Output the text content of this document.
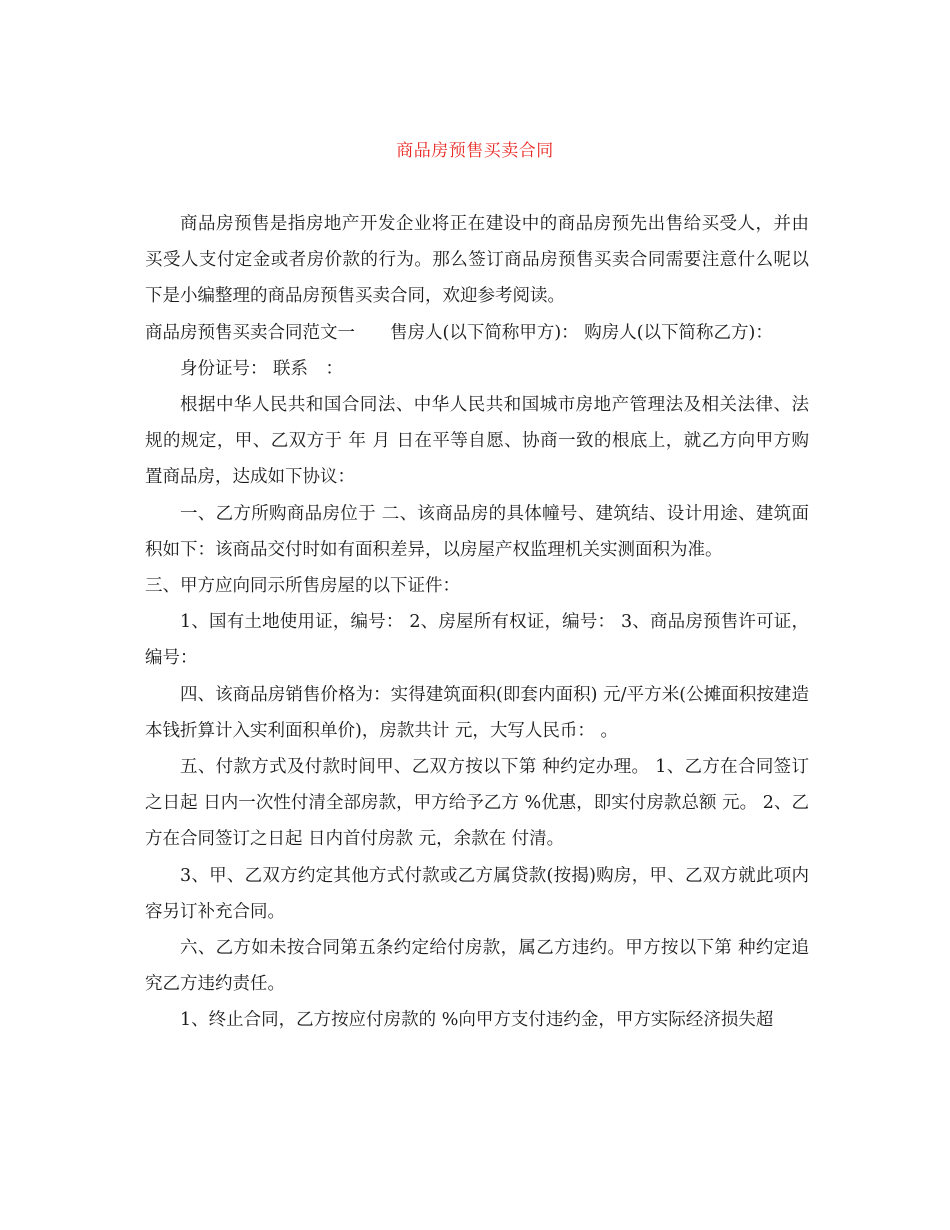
商品房预售买卖合同

商品房预售是指房地产开发企业将正在建设中的商品房预先出售给买受人，并由买受人支付定金或者房价款的行为。那么签订商品房预售买卖合同需要注意什么呢以下是小编整理的商品房预售买卖合同，欢迎参考阅读。

商品房预售买卖合同范文一　　售房人(以下简称甲方)： 购房人(以下简称乙方)：

身份证号： 联系　：

根据中华人民共和国合同法、中华人民共和国城市房地产管理法及相关法律、法规的规定，甲、乙双方于 年 月 日在平等自愿、协商一致的根底上，就乙方向甲方购置商品房，达成如下协议：

一、乙方所购商品房位于 二、该商品房的具体幢号、建筑结、设计用途、建筑面积如下：该商品交付时如有面积差异，以房屋产权监理机关实测面积为准。

三、甲方应向同示所售房屋的以下证件：

1、国有土地使用证，编号： 2、房屋所有权证，编号： 3、商品房预售许可证，编号：

四、该商品房销售价格为：实得建筑面积(即套内面积) 元/平方米(公摊面积按建造本钱折算计入实利面积单价)，房款共计 元，大写人民币： 。

五、付款方式及付款时间甲、乙双方按以下第 种约定办理。 1、乙方在合同签订之日起 日内一次性付清全部房款，甲方给予乙方 %优惠，即实付房款总额 元。 2、乙方在合同签订之日起 日内首付房款 元，余款在 付清。

3、甲、乙双方约定其他方式付款或乙方属贷款(按揭)购房，甲、乙双方就此项内容另订补充合同。

六、乙方如未按合同第五条约定给付房款，属乙方违约。甲方按以下第 种约定追究乙方违约责任。

1、终止合同，乙方按应付房款的 %向甲方支付违约金，甲方实际经济损失超
